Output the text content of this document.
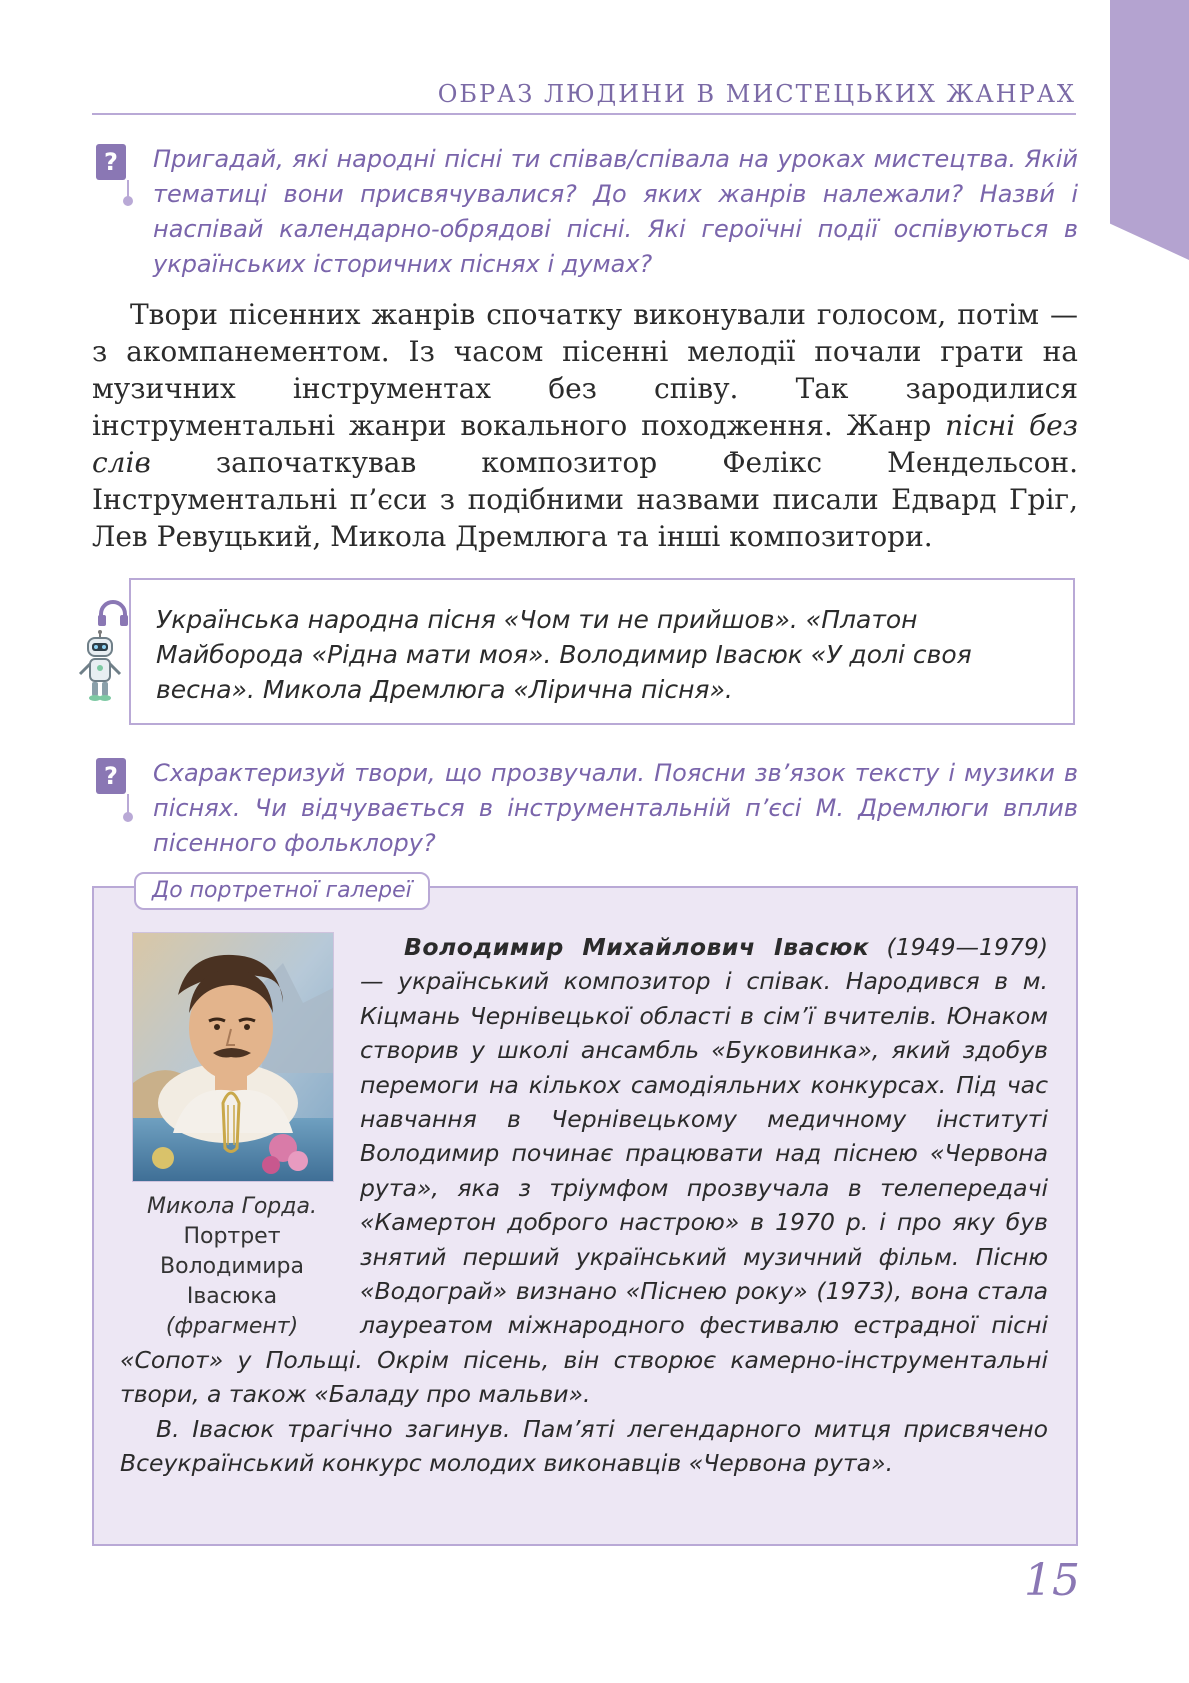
ОБРАЗ ЛЮДИНИ В МИСТЕЦЬКИХ ЖАНРАХ
?	Пригадай, які народні пісні ти співав/співала на уроках мистецтва. Якій тематиці вони присвячувалися? До яких жанрів належали? Назви́ і наспівай календарно-обрядові пісні. Які героїчні події оспівуються в українських історичних піснях і думах?

Твори пісенних жанрів спочатку виконували голосом, потім — з акомпанементом. Із часом пісенні мелодії почали грати на музичних інструментах без співу. Так зародилися інструментальні жанри вокального походження. Жанр пісні без слів започаткував композитор Фелікс Мендельсон. Інструментальні п’єси з подібними назвами писали Едвард Гріг, Лев Ревуцький, Микола Дремлюга та інші композитори.

Українська народна пісня «Чом ти не прийшов». «Платон Майборода «Рідна мати моя». Володимир Івасюк «У долі своя весна». Микола Дремлюга «Лірична пісня».

?	Схарактеризуй твори, що прозвучали. Поясни зв’язок тексту і музики в піснях. Чи відчувається в інструментальній п’єсі М. Дремлюги вплив пісенного фольклору?

До портретної галереї
Микола Горда.
Портрет
Володимира
Івасюка
(фрагмент)

Володимир Михайлович Івасюк (1949—1979) — український композитор і співак. Народився в м. Кіцмань Чернівецької області в сім’ї вчителів. Юнаком створив у школі ансамбль «Буковинка», який здобув перемоги на кількох самодіяльних конкурсах. Під час навчання в Чернівецькому медичному інституті Володимир починає працювати над піснею «Червона рута», яка з тріумфом прозвучала в телепередачі «Камертон доброго настрою» в 1970 р. і про яку був знятий перший український музичний фільм. Пісню «Водограй» визнано «Піснею року» (1973), вона стала лауреатом міжнародного фестивалю естрадної пісні «Сопот» у Польщі. Окрім пісень, він створює камерно-інструментальні твори, а також «Баладу про мальви».

В. Івасюк трагічно загинув. Пам’яті легендарного митця присвячено Всеукраїнський конкурс молодих виконавців «Червона рута».

15
